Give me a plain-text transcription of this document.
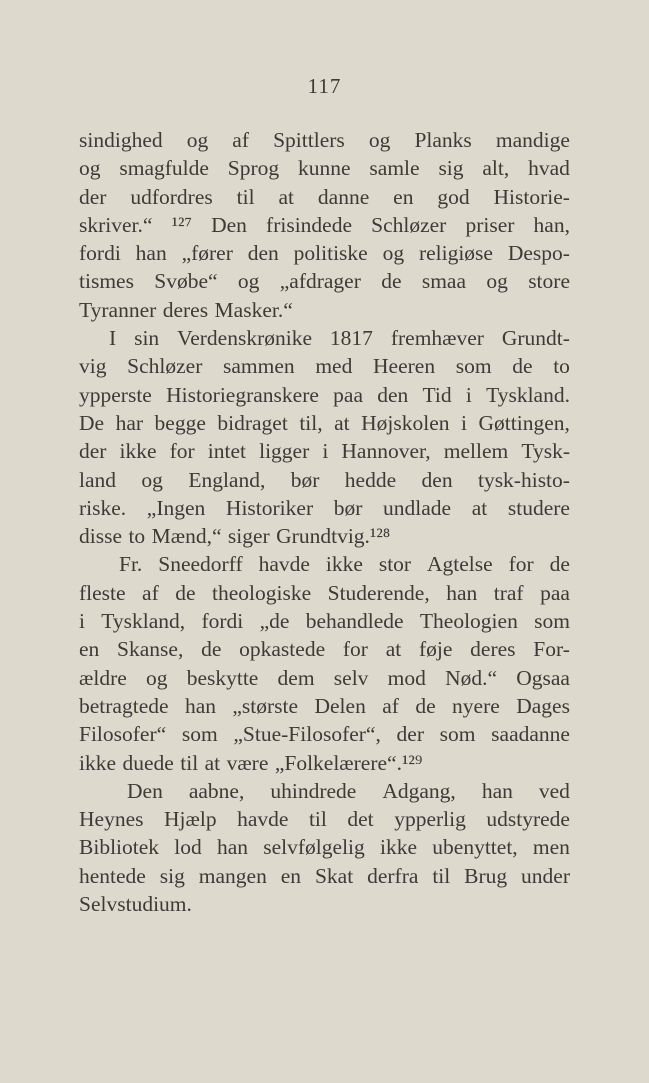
117
sindighed og af Spittlers og Planks mandige
og smagfulde Sprog kunne samle sig alt, hvad
der udfordres til at danne en god Historie-
skriver.“ ¹²⁷ Den frisindede Schløzer priser han,
fordi han „fører den politiske og religiøse Despo-
tismes Svøbe“ og „afdrager de smaa og store
Tyranner deres Masker.“
I sin Verdenskrønike 1817 fremhæver Grundt-
vig Schløzer sammen med Heeren som de to
ypperste Historiegranskere paa den Tid i Tyskland.
De har begge bidraget til, at Højskolen i Gøttingen,
der ikke for intet ligger i Hannover, mellem Tysk-
land og England, bør hedde den tysk-histo-
riske. „Ingen Historiker bør undlade at studere
disse to Mænd,“ siger Grundtvig.¹²⁸
Fr. Sneedorff havde ikke stor Agtelse for de
fleste af de theologiske Studerende, han traf paa
i Tyskland, fordi „de behandlede Theologien som
en Skanse, de opkastede for at føje deres For-
ældre og beskytte dem selv mod Nød.“ Ogsaa
betragtede han „største Delen af de nyere Dages
Filosofer“ som „Stue-Filosofer“, der som saadanne
ikke duede til at være „Folkelærere“.¹²⁹
Den aabne, uhindrede Adgang, han ved
Heynes Hjælp havde til det ypperlig udstyrede
Bibliotek lod han selvfølgelig ikke ubenyttet, men
hentede sig mangen en Skat derfra til Brug under
Selvstudium.
